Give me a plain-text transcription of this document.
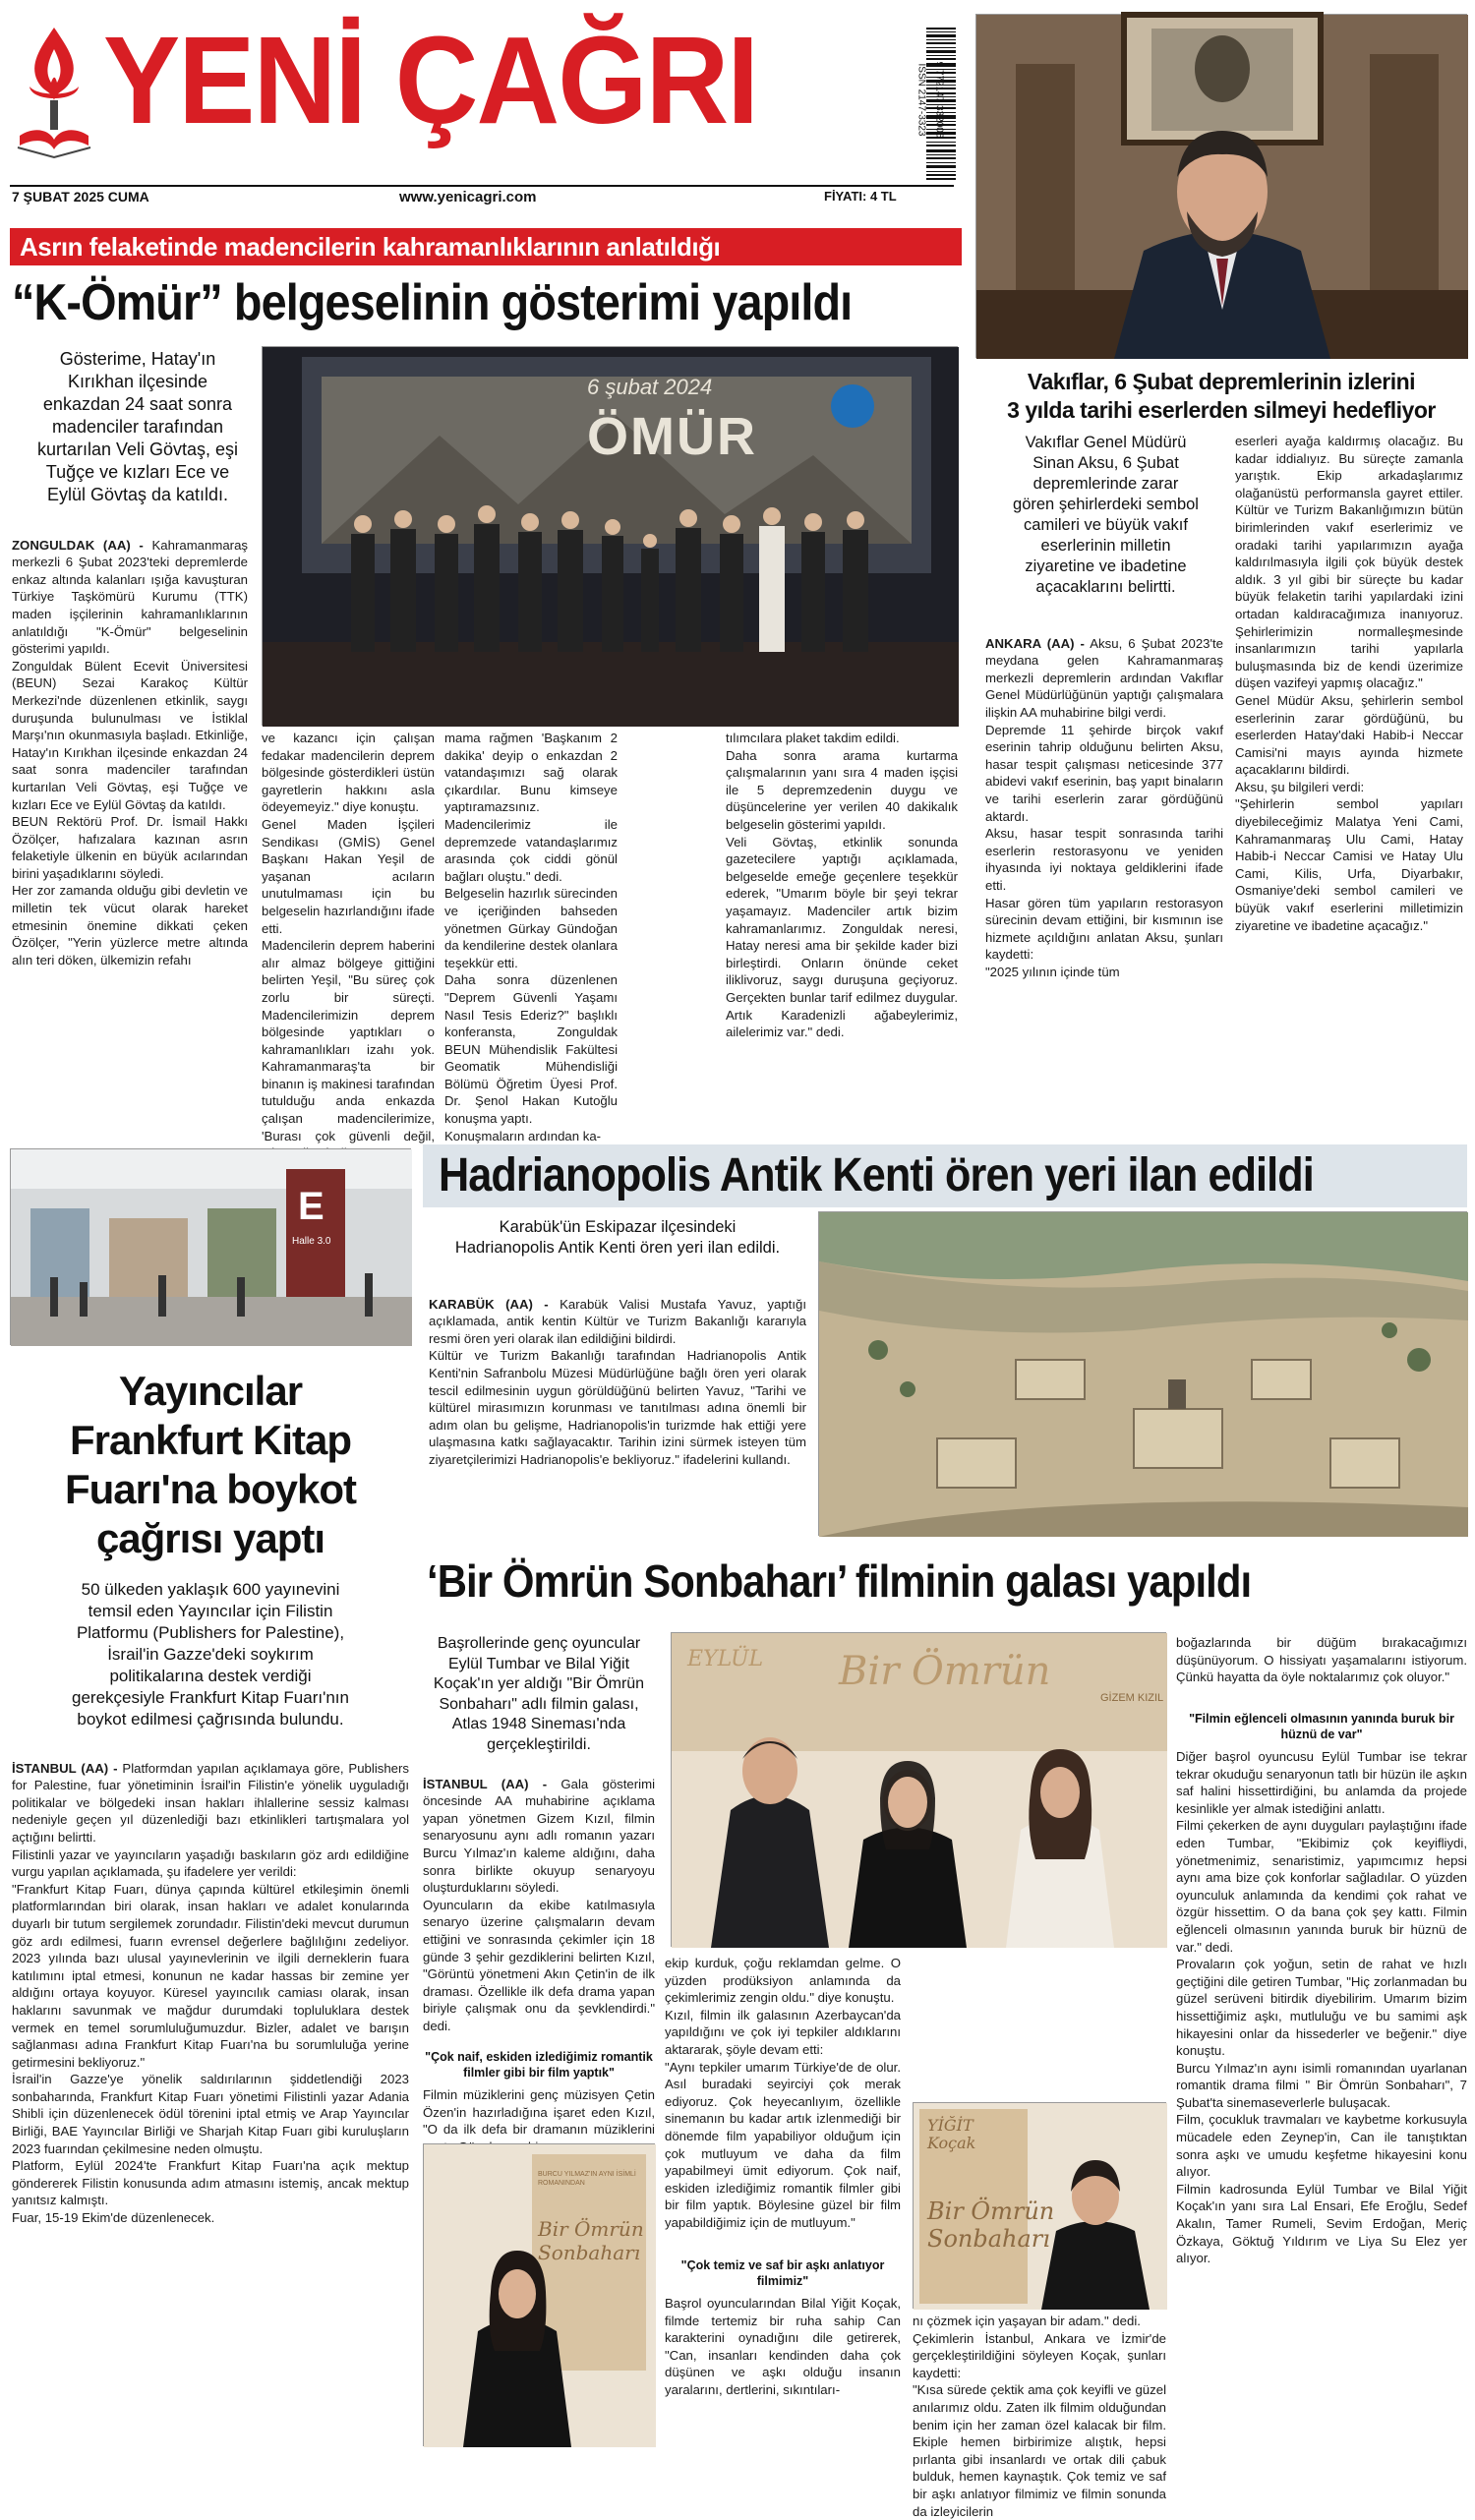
YENİ ÇAĞRI
7 ŞUBAT 2025 CUMA	www.yenicagri.com	FİYATI: 4 TL
ISSN 2147-3323 9 772147 332006
Asrın felaketinde madencilerin kahramanlıklarının anlatıldığı
“K-Ömür” belgeselinin gösterimi yapıldı
Gösterime, Hatay'ın
Kırıkhan ilçesinde
enkazdan 24 saat sonra
madenciler tarafından
kurtarılan Veli Gövtaş, eşi
Tuğçe ve kızları Ece ve
Eylül Gövtaş da katıldı.

ZONGULDAK (AA) - Kahramanmaraş merkezli 6 Şubat 2023'teki depremlerde enkaz altında kalanları ışığa kavuşturan Türkiye Taşkömürü Kurumu (TTK) maden işçilerinin kahramanlıklarının anlatıldığı "K-Ömür" belgeselinin gösterimi yapıldı.
Zonguldak Bülent Ecevit Üniversitesi (BEUN) Sezai Karakoç Kültür Merkezi'nde düzenlenen etkinlik, saygı duruşunda bulunulması ve İstiklal Marşı'nın okunmasıyla başladı. Etkinliğe, Hatay'ın Kırıkhan ilçesinde enkazdan 24 saat sonra madenciler tarafından kurtarılan Veli Gövtaş, eşi Tuğçe ve kızları Ece ve Eylül Gövtaş da katıldı.
BEUN Rektörü Prof. Dr. İsmail Hakkı Özölçer, hafızalara kazınan asrın felaketiyle ülkenin en büyük acılarından birini yaşadıklarını söyledi.
Her zor zamanda olduğu gibi devletin ve milletin tek vücut olarak hareket etmesinin önemine dikkati çeken Özölçer, "Yerin yüzlerce metre altında alın teri döken, ülkemizin refahı

ÖMÜR
6 şubat 2024
ve kazancı için çalışan fedakar madencilerin deprem bölgesinde gösterdikleri üstün gayretlerin hakkını asla ödeyemeyiz." diye konuştu.
Genel Maden İşçileri Sendikası (GMİS) Genel Başkanı Hakan Yeşil de yaşanan acıların unutulmaması için bu belgeselin hazırlandığını ifade etti.
Madencilerin deprem haberini alır almaz bölgeye gittiğini belirten Yeşil, "Bu süreç çok zorlu bir süreçti. Madencilerimizin deprem bölgesinde yaptıkları o kahramanlıkları izahı yok. Kahramanmaraş'ta bir binanın iş makinesi tarafından tutulduğu anda enkazda çalışan madencilerimize, 'Burası çok güvenli değil,
mama rağmen 'Başkanım 2 dakika' deyip o enkazdan 2 vatandaşımızı sağ olarak çıkardılar. Bunu kimseye yaptıramazsınız. Madencilerimiz ile depremzede vatandaşlarımız arasında çok ciddi gönül bağları oluştu." dedi.
Belgeselin hazırlık sürecinden ve içeriğinden bahseden yönetmen Gürkay Gündoğan da kendilerine destek olanlara teşekkür etti.
Daha sonra düzenlenen "Deprem Güvenli Yaşamı Nasıl Tesis Ederiz?" başlıklı konferansta, Zonguldak BEUN Mühendislik Fakültesi Geomatik Mühendisliği Bölümü Öğretim Üyesi Prof. Dr. Şenol Hakan Kutoğlu konuşma yaptı.
Konuşmaların ardından ka-
tılımcılara plaket takdim edildi.
Daha sonra arama kurtarma çalışmalarının yanı sıra 4 maden işçisi ile 5 depremzedenin duygu ve düşüncelerine yer verilen 40 dakikalık belgeselin gösterimi yapıldı.
Veli Gövtaş, etkinlik sonunda gazetecilere yaptığı açıklamada, belgeselde emeğe geçenlere teşekkür ederek, "Umarım böyle bir şeyi tekrar yaşamayız. Madenciler artık bizim kahramanlarımız. Zonguldak neresi, Hatay neresi ama bir şekilde kader bizi birleştirdi. Onların önünde ceket iliklivoruz, saygı duruşuna geçiyoruz. Gerçekten bunlar tarif edilmez duygular. Artık Karadenizli ağabeylerimiz, ailelerimiz var." dedi.
Vakıflar, 6 Şubat depremlerinin izlerini
3 yılda tarihi eserlerden silmeyi hedefliyor
Vakıflar Genel Müdürü
Sinan Aksu, 6 Şubat
depremlerinde zarar
gören şehirlerdeki sembol
camileri ve büyük vakıf
eserlerinin milletin
ziyaretine ve ibadetine
açacaklarını belirtti.

ANKARA (AA) - Aksu, 6 Şubat 2023'te meydana gelen Kahramanmaraş merkezli depremlerin ardından Vakıflar Genel Müdürlüğünün yaptığı çalışmalara ilişkin AA muhabirine bilgi verdi.
Depremde 11 şehirde birçok vakıf eserinin tahrip olduğunu belirten Aksu, hasar tespit çalışması neticesinde 377 abidevi vakıf eserinin, baş yapıt binaların ve tarihi eserlerin zarar gördüğünü aktardı.
Aksu, hasar tespit sonrasında tarihi eserlerin restorasyonu ve yeniden ihyasında iyi noktaya geldiklerini ifade etti.
Hasar gören tüm yapıların restorasyon sürecinin devam ettiğini, bir kısmının ise hizmete açıldığını anlatan Aksu, şunları kaydetti:
"2025 yılının içinde tüm

eserleri ayağa kaldırmış olacağız. Bu kadar iddialıyız. Bu süreçte zamanla yarıştık. Ekip arkadaşlarımız olağanüstü performansla gayret ettiler. Kültür ve Turizm Bakanlığımızın bütün birimlerinden vakıf eserlerimiz ve oradaki tarihi yapılarımızın ayağa kaldırılmasıyla ilgili çok büyük destek aldık. 3 yıl gibi bir süreçte bu kadar büyük felaketin tarihi yapılardaki izini ortadan kaldıracağımıza inanıyoruz. Şehirlerimizin normalleşmesinde insanlarımızın tarihi yapılarla buluşmasında biz de kendi üzerimize düşen vazifeyi yapmış olacağız."
Genel Müdür Aksu, şehirlerin sembol eserlerinin zarar gördüğünü, bu eserlerden Hatay'daki Habib-i Neccar Camisi'ni mayıs ayında hizmete açacaklarını bildirdi.
Aksu, şu bilgileri verdi:
"Şehirlerin sembol yapıları diyebileceğimiz Malatya Yeni Cami, Kahramanmaraş Ulu Cami, Hatay Habib-i Neccar Camisi ve Hatay Ulu Cami, Kilis, Urfa, Diyarbakır, Osmaniye'deki sembol camileri ve büyük vakıf eserlerini milletimizin ziyaretine ve ibadetine açacağız."
Hadrianopolis Antik Kenti ören yeri ilan edildi
Karabük'ün Eskipazar ilçesindeki
Hadrianopolis Antik Kenti ören yeri ilan edildi.

KARABÜK (AA) - Karabük Valisi Mustafa Yavuz, yaptığı açıklamada, antik kentin Kültür ve Turizm Bakanlığı kararıyla resmi ören yeri olarak ilan edildiğini bildirdi.
Kültür ve Turizm Bakanlığı tarafından Hadrianopolis Antik Kenti'nin Safranbolu Müzesi Müdürlüğüne bağlı ören yeri olarak tescil edilmesinin uygun görüldüğünü belirten Yavuz, "Tarihi ve kültürel mirasımızın korunması ve tanıtılması adına önemli bir adım olan bu gelişme, Hadrianopolis'in turizmde hak ettiği yere ulaşmasına katkı sağlayacaktır. Tarihin izini sürmek isteyen tüm ziyaretçilerimizi Hadrianopolis'e bekliyoruz." ifadelerini kullandı.

E
Halle 3.0
Yayıncılar
Frankfurt Kitap
Fuarı'na boykot
çağrısı yaptı
50 ülkeden yaklaşık 600 yayınevini
temsil eden Yayıncılar için Filistin
Platformu (Publishers for Palestine),
İsrail'in Gazze'deki soykırım
politikalarına destek verdiği
gerekçesiyle Frankfurt Kitap Fuarı'nın
boykot edilmesi çağrısında bulundu.

İSTANBUL (AA) - Platformdan yapılan açıklamaya göre, Publishers for Palestine, fuar yönetiminin İsrail'in Filistin'e yönelik uyguladığı politikalar ve bölgedeki insan hakları ihlallerine sessiz kalması nedeniyle geçen yıl düzenlediği bazı etkinlikleri tartışmalara yol açtığını belirtti.
Filistinli yazar ve yayıncıların yaşadığı baskıların göz ardı edildiğine vurgu yapılan açıklamada, şu ifadelere yer verildi:
"Frankfurt Kitap Fuarı, dünya çapında kültürel etkileşimin önemli platformlarından biri olarak, insan hakları ve adalet konularında duyarlı bir tutum sergilemek zorundadır. Filistin'deki mevcut durumun göz ardı edilmesi, fuarın evrensel değerlere bağlılığını zedeliyor. 2023 yılında bazı ulusal yayınevlerinin ve ilgili derneklerin fuara katılımını iptal etmesi, konunun ne kadar hassas bir zemine yer aldığını ortaya koyuyor. Küresel yayıncılık camiası olarak, insan haklarını savunmak ve mağdur durumdaki topluluklara destek vermek en temel sorumluluğumuzdur. Bizler, adalet ve barışın sağlanması adına Frankfurt Kitap Fuarı'na bu sorumluluğa yerine getirmesini bekliyoruz."
İsrail'in Gazze'ye yönelik saldırılarının şiddetlendiği 2023 sonbaharında, Frankfurt Kitap Fuarı yönetimi Filistinli yazar Adania Shibli için düzenlenecek ödül törenini iptal etmiş ve Arap Yayıncılar Birliği, BAE Yayıncılar Birliği ve Sharjah Kitap Fuarı gibi kuruluşların 2023 fuarından çekilmesine neden olmuştu.
Platform, Eylül 2024'te Frankfurt Kitap Fuarı'na açık mektup göndererek Filistin konusunda adım atmasını istemiş, ancak mektup yanıtsız kalmıştı.
Fuar, 15-19 Ekim'de düzenlenecek.

‘Bir Ömrün Sonbaharı’ filminin galası yapıldı
Başrollerinde genç oyuncular
Eylül Tumbar ve Bilal Yiğit
Koçak'ın yer aldığı "Bir Ömrün
Sonbaharı" adlı filmin galası,
Atlas 1948 Sineması'nda
gerçekleştirildi.
Bir Ömrün
EYLÜL
GİZEM KIZIL

İSTANBUL (AA) - Gala gösterimi öncesinde AA muhabirine açıklama yapan yönetmen Gizem Kızıl, filmin senaryosunu aynı adlı romanın yazarı Burcu Yılmaz'ın kaleme aldığını, daha sonra birlikte okuyup senaryoyu oluşturduklarını söyledi.
Oyuncuların da ekibe katılmasıyla senaryo üzerine çalışmaların devam ettiğini ve sonrasında çekimler için 18 günde 3 şehir gezdiklerini belirten Kızıl, "Görüntü yönetmeni Akın Çetin'in de ilk draması. Özellikle ilk defa drama yapan biriyle çalışmak onu da şevklendirdi." dedi.

"Çok naif, eskiden izlediğimiz romantik filmler gibi bir film yaptık"
Filmin müziklerini genç müzisyen Çetin Özen'in hazırladığına işaret eden Kızıl, "O da ilk defa bir dramanın müziklerini
Bir Ömrün
Sonbaharı
BURCU YILMAZ'IN AYNI İSİMLİ ROMANINDAN
ekip kurduk, çoğu reklamdan gelme. O yüzden prodüksiyon anlamında da çekimlerimiz zengin oldu." diye konuştu.
Kızıl, filmin ilk galasının Azerbaycan'da yapıldığını ve çok iyi tepkiler aldıklarını aktararak, şöyle devam etti:
"Aynı tepkiler umarım Türkiye'de de olur. Asıl buradaki seyirciyi çok merak ediyoruz. Çok heyecanlıyım, özellikle sinemanın bu kadar artık izlenmediği bir dönemde film yapabiliyor olduğum için çok mutluyum ve daha da film yapabilmeyi ümit ediyorum. Çok naif, eskiden izlediğimiz romantik filmler gibi bir film yaptık. Böylesine güzel bir film yapabildiğimiz için de mutluyum."
"Çok temiz ve saf bir aşkı anlatıyor filmimiz"
Başrol oyuncularından Bilal Yiğit Koçak, filmde tertemiz bir ruha sahip Can karakterini oynadığını dile getirerek, "Can, insanları kendinden daha çok düşünen ve aşkı olduğu insanın yaralarını, dertlerini, sıkıntıları-
YİĞİT Koçak
Bir Ömrün
Sonbaharı
nı çözmek için yaşayan bir adam." dedi.
Çekimlerin İstanbul, Ankara ve İzmir'de gerçekleştirildiğini söyleyen Koçak, şunları kaydetti:
"Kısa sürede çektik ama çok keyifli ve güzel anılarımız oldu. Zaten ilk filmim olduğundan benim için her zaman özel kalacak bir film. Ekiple hemen birbirimize alıştık, hepsi pırlanta gibi insanlardı ve ortak dili çabuk bulduk, hemen kaynaştık. Çok temiz ve saf bir aşkı anlatıyor filmimiz ve filmin sonunda da izleyicilerin
boğazlarında bir düğüm bırakacağımızı düşünüyorum. O hissiyatı yaşamalarını istiyorum. Çünkü hayatta da öyle noktalarımız çok oluyor."
"Filmin eğlenceli olmasının yanında buruk bir hüznü de var"
Diğer başrol oyuncusu Eylül Tumbar ise tekrar tekrar okuduğu senaryonun tatlı bir hüzün ile aşkın saf halini hissettirdiğini, bu anlamda da projede kesinlikle yer almak istediğini anlattı.
Filmi çekerken de aynı duyguları paylaştığını ifade eden Tumbar, "Ekibimiz çok keyifliydi, yönetmenimiz, senaristimiz, yapımcımız hepsi aynı ama bize çok konforlar sağladılar. O yüzden oyunculuk anlamında da kendimi çok rahat ve özgür hissettim. O da bana çok şey kattı. Filmin eğlenceli olmasının yanında buruk bir hüznü de var." dedi.
Provaların çok yoğun, setin de rahat ve hızlı geçtiğini dile getiren Tumbar, "Hiç zorlanmadan bu güzel serüveni bitirdik diyebilirim. Umarım bizim hissettiğimiz aşkı, mutluluğu ve bu samimi aşk hikayesini onlar da hissederler ve beğenir." diye konuştu.
Burcu Yılmaz'ın aynı isimli romanından uyarlanan romantik drama filmi " Bir Ömrün Sonbaharı", 7 Şubat'ta sinemaseverlerle buluşacak.
Film, çocukluk travmaları ve kaybetme korkusuyla mücadele eden Zeynep'in, Can ile tanıştıktan sonra aşkı ve umudu keşfetme hikayesini konu alıyor.
Filmin kadrosunda Eylül Tumbar ve Bilal Yiğit Koçak'ın yanı sıra Lal Ensari, Efe Eroğlu, Sedef Akalın, Tamer Rumeli, Sevim Erdoğan, Meriç Özkaya, Göktuğ Yıldırım ve Liya Su Elez yer alıyor.
